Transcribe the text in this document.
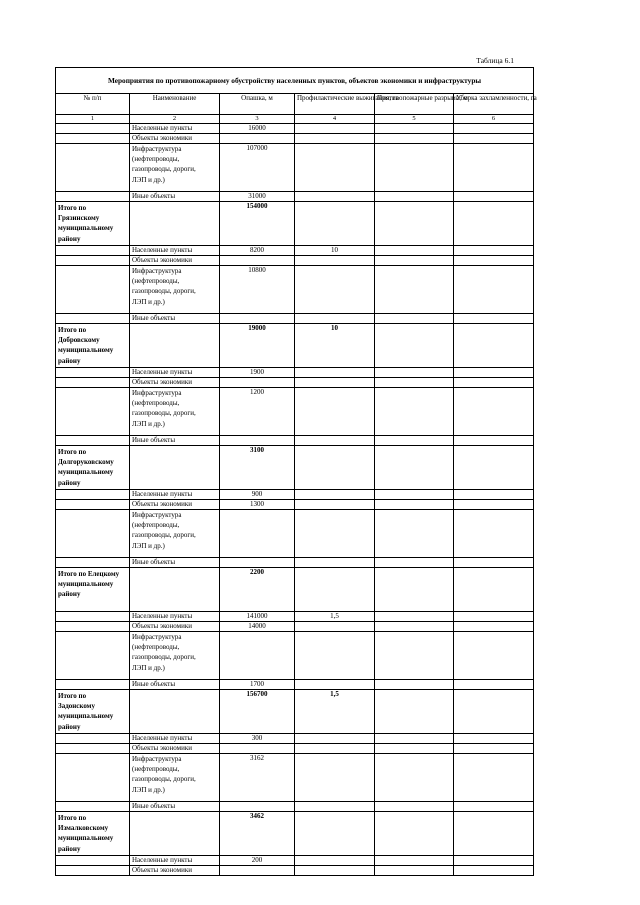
Таблица 6.1
Мероприятия по противопожарному обустройству населенных пунктов, объектов экономики и инфраструктуры					
№ п/п	Наименование	Опашка, м	Профилактические выжигания, га	Противопожарные разрывы, м	Уборка захламленности, га
1	2	3	4	5	6
	Населенные пункты	16000			
	Объекты экономики				

	Инфраструктура
(нефтепроводы,
газопроводы, дороги,
ЛЭП и др.)	107000			
	Иные объекты	31000			

Итого по
Грязинскому
муниципальному
району		154000			
	Населенные пункты	8200	10		
	Объекты экономики				

	Инфраструктура
(нефтепроводы,
газопроводы, дороги,
ЛЭП и др.)	10800			
	Иные объекты				

Итого по
Добровскому
муниципальному
району		19000	10		
	Населенные пункты	1900			
	Объекты экономики				

	Инфраструктура
(нефтепроводы,
газопроводы, дороги,
ЛЭП и др.)	1200			
	Иные объекты				

Итого по
Долгоруковскому
муниципальному
району		3100			
	Населенные пункты	900			
	Объекты экономики	1300			

	Инфраструктура
(нефтепроводы,
газопроводы, дороги,
ЛЭП и др.)				

	Иные объекты				

Итого по Елецкому
муниципальному
району		2200			
	Населенные пункты	141000	1,5		
	Объекты экономики	14000			

	Инфраструктура
(нефтепроводы,
газопроводы, дороги,
ЛЭП и др.)				

	Иные объекты	1700			

Итого по
Задонскому
муниципальному
району		156700	1,5		
	Населенные пункты	300			
	Объекты экономики				

	Инфраструктура
(нефтепроводы,
газопроводы, дороги,
ЛЭП и др.)	3162			
	Иные объекты				

Итого по
Измалковскому
муниципальному
району		3462			
	Населенные пункты	200			
	Объекты экономики				
